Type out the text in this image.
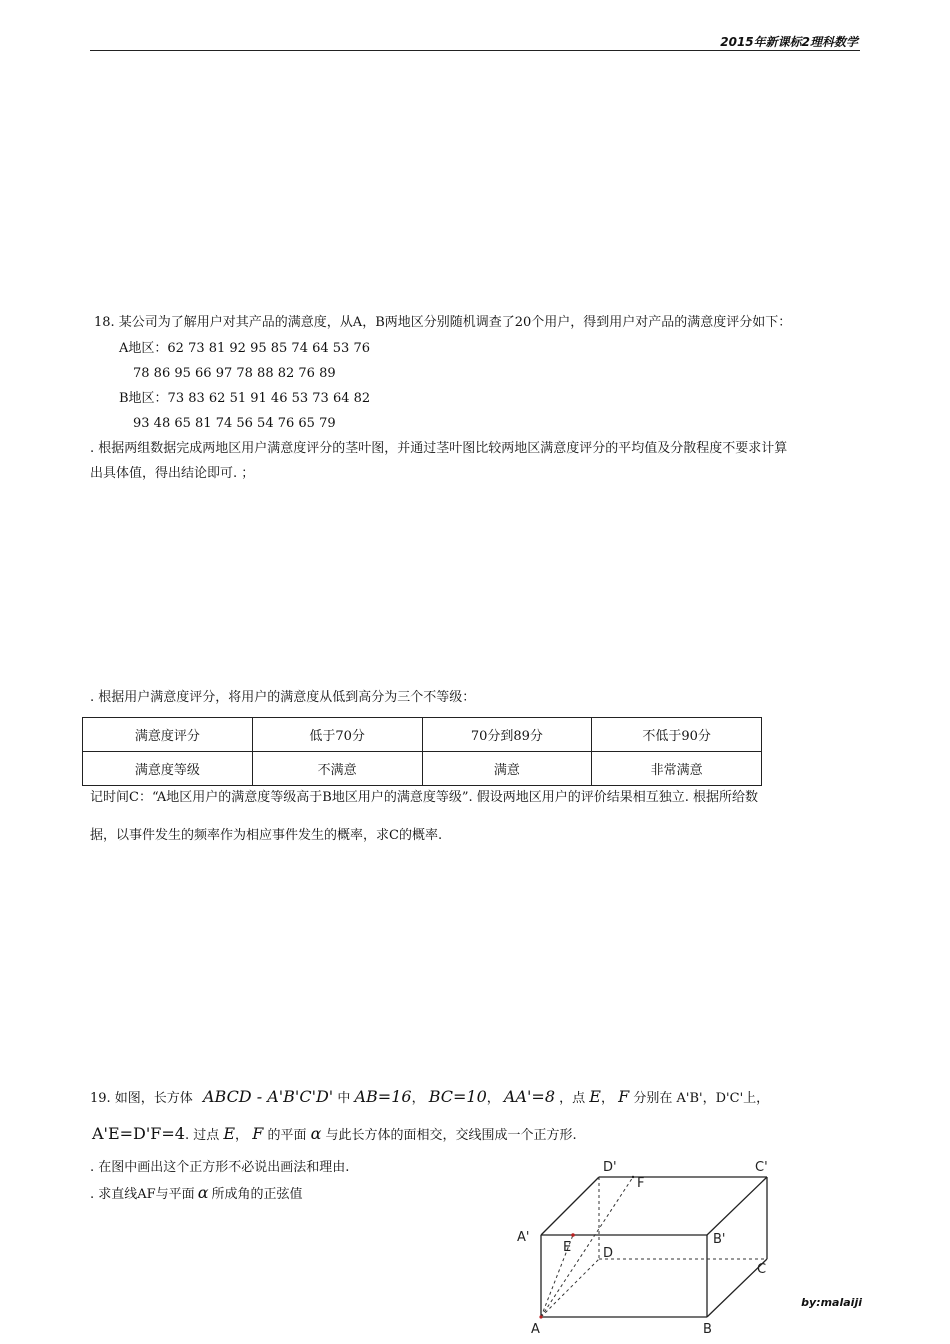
2015年新课标2理科数学
18. 某公司为了解用户对其产品的满意度，从A，B两地区分别随机调查了20个用户，得到用户对产品的满意度评分如下：
A地区：62 73 81 92 95 85 74 64 53 76
78 86 95 66 97 78 88 82 76 89
B地区：73 83 62 51 91 46 53 73 64 82
93 48 65 81 74 56 54 76 65 79
. 根据两组数据完成两地区用户满意度评分的茎叶图，并通过茎叶图比较两地区满意度评分的平均值及分散程度不要求计算
出具体值，得出结论即可. ；
. 根据用户满意度评分，将用户的满意度从低到高分为三个不等级：
满意度评分	低于70分	70分到89分	不低于90分
满意度等级	不满意	满意	非常满意
记时间C：“A地区用户的满意度等级高于B地区用户的满意度等级”. 假设两地区用户的评价结果相互独立. 根据所给数
据，以事件发生的频率作为相应事件发生的概率，求C的概率.
19. 如图，长方体 ABCD - A'B'C'D' 中 AB=16， BC=10， AA'=8 ，点 E， F 分别在 A'B'，D'C'上，
A'E=D'F=4. 过点 E， F 的平面 α 与此长方体的面相交，交线围成一个正方形.
. 在图中画出这个正方形不必说出画法和理由.
. 求直线AF与平面 α 所成角的正弦值
D'	C'
F
A'
E D
B'
C
A	B
by:malaiji
